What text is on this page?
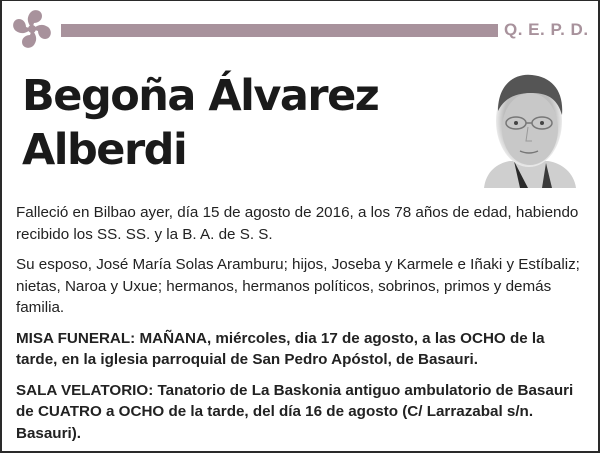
Q. E. P. D.
Begoña Álvarez
Alberdi

Falleció en Bilbao ayer, día 15 de agosto de 2016, a los 78 años de edad, habiendo recibido los SS. SS. y la B. A. de S. S.

Su esposo, José María Solas Aramburu; hijos, Joseba y Karmele e Iñaki y Estíbaliz; nietas, Naroa y Uxue; hermanos, hermanos políticos, sobrinos, primos y demás familia.

MISA FUNERAL: MAÑANA, miércoles, dia 17 de agosto, a las OCHO de la tarde, en la iglesia parroquial de San Pedro Apóstol, de Basauri.

SALA VELATORIO: Tanatorio de La Baskonia antiguo ambulatorio de Basauri de CUATRO a OCHO de la tarde, del día 16 de agosto (C/ Larrazabal s/n. Basauri).
